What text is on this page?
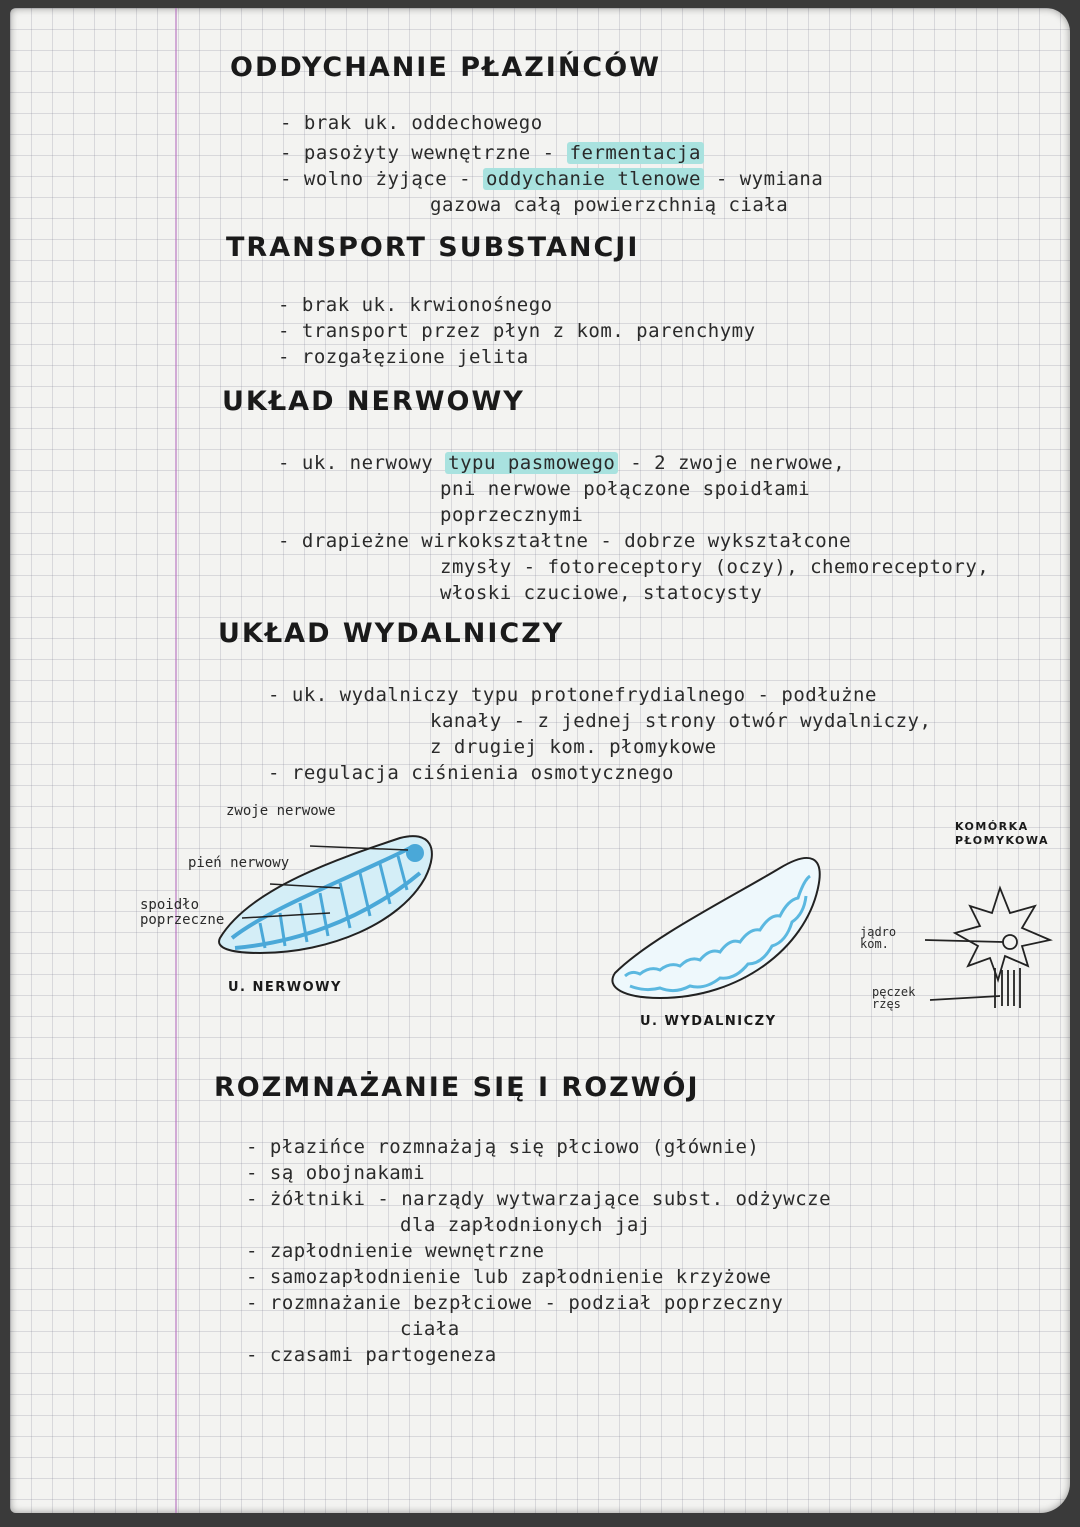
ODDYCHANIE PŁAZIŃCÓW
- brak uk. oddechowego
- pasożyty wewnętrzne - fermentacja
- wolno żyjące - oddychanie tlenowe - wymiana
gazowa całą powierzchnią ciała
TRANSPORT SUBSTANCJI
- brak uk. krwionośnego
- transport przez płyn z kom. parenchymy
- rozgałęzione jelita
UKŁAD NERWOWY
- uk. nerwowy typu pasmowego - 2 zwoje nerwowe,
pni nerwowe połączone spoidłami
poprzecznymi
- drapieżne wirkokształtne - dobrze wykształcone
zmysły - fotoreceptory (oczy), chemoreceptory,
włoski czuciowe, statocysty
UKŁAD WYDALNICZY
- uk. wydalniczy typu protonefrydialnego - podłużne
kanały - z jednej strony otwór wydalniczy,
z drugiej kom. płomykowe
- regulacja ciśnienia osmotycznego
zwoje nerwowe
pień nerwowy
spoidło poprzeczne
U. NERWOWY
U. WYDALNICZY
KOMÓRKA PŁOMYKOWA
jądro kom.
pęczek rzęs
ROZMNAŻANIE SIĘ I ROZWÓJ
- płazińce rozmnażają się płciowo (głównie)
- są obojnakami
- żółtniki - narządy wytwarzające subst. odżywcze
dla zapłodnionych jaj
- zapłodnienie wewnętrzne
- samozapłodnienie lub zapłodnienie krzyżowe
- rozmnażanie bezpłciowe - podział poprzeczny
ciała
- czasami partogeneza
